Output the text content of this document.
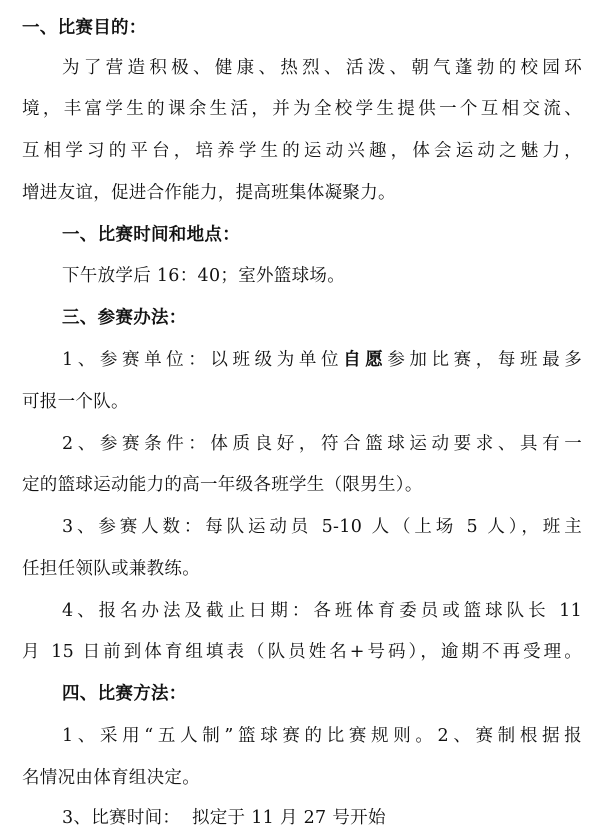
一、比赛目的：
为了营造积极、健康、热烈、活泼、朝气蓬勃的校园环
境，丰富学生的课余生活，并为全校学生提供一个互相交流、
互相学习的平台，培养学生的运动兴趣，体会运动之魅力，
增进友谊，促进合作能力，提高班集体凝聚力。
一、比赛时间和地点：
下午放学后 16：40；室外篮球场。
三、参赛办法：
1、参赛单位：以班级为单位自愿参加比赛，每班最多
可报一个队。
2、参赛条件：体质良好，符合篮球运动要求、具有一
定的篮球运动能力的高一年级各班学生（限男生）。
3、参赛人数：每队运动员 5-10 人（上场 5 人），班主
任担任领队或兼教练。
4、报名办法及截止日期：各班体育委员或篮球队长 11
月 15 日前到体育组填表（队员姓名+号码），逾期不再受理。
四、比赛方法：
1、采用“五人制”篮球赛的比赛规则。2、赛制根据报
名情况由体育组决定。
3、比赛时间：  拟定于 11 月 27 号开始
